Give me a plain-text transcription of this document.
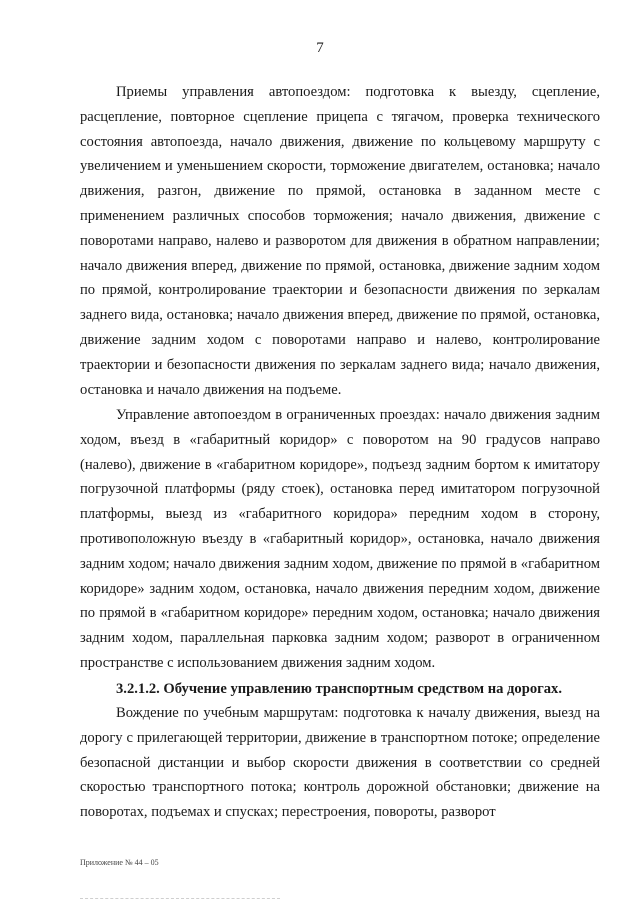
7

Приемы управления автопоездом: подготовка к выезду, сцепление, расцепление, повторное сцепление прицепа с тягачом, проверка технического состояния автопоезда, начало движения, движение по кольцевому маршруту с увеличением и уменьшением скорости, торможение двигателем, остановка; начало движения, разгон, движение по прямой, остановка в заданном месте с применением различных способов торможения; начало движения, движение с поворотами направо, налево и разворотом для движения в обратном направлении; начало движения вперед, движение по прямой, остановка, движение задним ходом по прямой, контролирование траектории и безопасности движения по зеркалам заднего вида, остановка; начало движения вперед, движение по прямой, остановка, движение задним ходом с поворотами направо и налево, контролирование траектории и безопасности движения по зеркалам заднего вида; начало движения, остановка и начало движения на подъеме.

Управление автопоездом в ограниченных проездах: начало движения задним ходом, въезд в «габаритный коридор» с поворотом на 90 градусов направо (налево), движение в «габаритном коридоре», подъезд задним бортом к имитатору погрузочной платформы (ряду стоек), остановка перед имитатором погрузочной платформы, выезд из «габаритного коридора» передним ходом в сторону, противоположную въезду в «габаритный коридор», остановка, начало движения задним ходом; начало движения задним ходом, движение по прямой в «габаритном коридоре» задним ходом, остановка, начало движения передним ходом, движение по прямой в «габаритном коридоре» передним ходом, остановка; начало движения задним ходом, параллельная парковка задним ходом; разворот в ограниченном пространстве с использованием движения задним ходом.

3.2.1.2. Обучение управлению транспортным средством на дорогах.

Вождение по учебным маршрутам: подготовка к началу движения, выезд на дорогу с прилегающей территории, движение в транспортном потоке; определение безопасной дистанции и выбор скорости движения в соответствии со средней скоростью транспортного потока; контроль дорожной обстановки; движение на поворотах, подъемах и спусках; перестроения, повороты, разворот

Приложение № 44 – 05
